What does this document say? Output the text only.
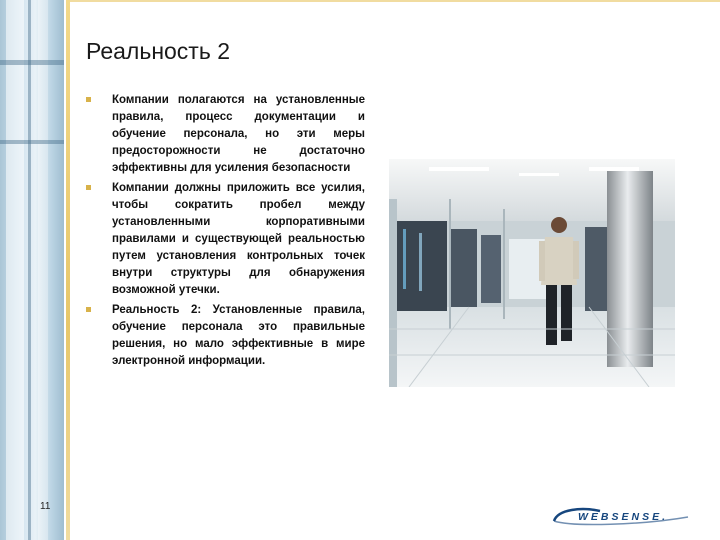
Реальность 2
Компании полагаются на установленные правила, процесс документации и обучение персонала, но эти меры предосторожности не достаточно эффективны для усиления безопасности
Компании должны приложить все усилия, чтобы сократить пробел между установленными корпоративными правилами и существующей реальностью путем установления контрольных точек внутри структуры для обнаружения возможной утечки.
Реальность 2: Установленные правила, обучение персонала это правильные решения, но мало эффективные в мире электронной информации.
11
WEBSENSE.
